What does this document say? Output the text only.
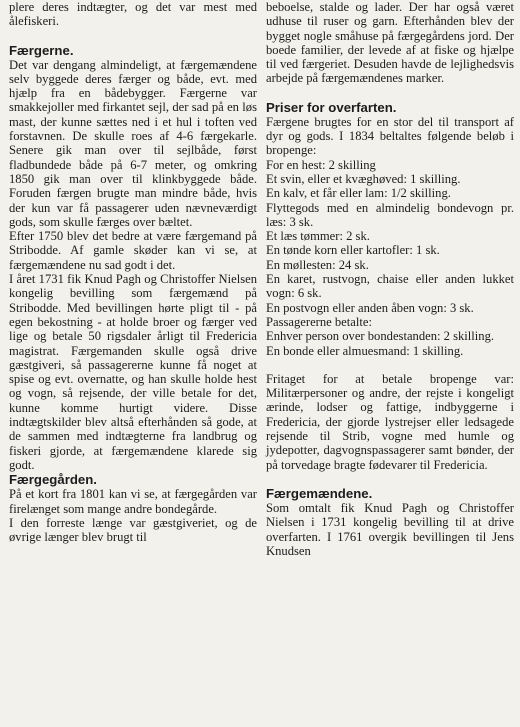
plere deres indtægter, og det var mest med ålefiskeri.

Færgerne.

Det var dengang almindeligt, at færgemændene selv byggede deres færger og både, evt. med hjælp fra en bådebygger. Færgerne var smakkejoller med firkantet sejl, der sad på en løs mast, der kunne sættes ned i et hul i toften ved forstavnen. De skulle roes af 4-6 færgekarle. Senere gik man over til sejlbåde, først fladbundede både på 6-7 meter, og omkring 1850 gik man over til klinkbyggede både. Foruden færgen brugte man mindre både, hvis der kun var få passagerer uden nævneværdigt gods, som skulle færges over bæltet.

Efter 1750 blev det bedre at være færgemand på Stribodde. Af gamle skøder kan vi se, at færgemændene nu sad godt i det.

I året 1731 fik Knud Pagh og Christoffer Nielsen kongelig bevilling som færgemænd på Stribodde. Med bevillingen hørte pligt til - på egen bekostning - at holde broer og færger ved lige og betale 50 rigsdaler årligt til Fredericia magistrat. Færgemanden skulle også drive gæstgiveri, så passagererne kunne få noget at spise og evt. overnatte, og han skulle holde hest og vogn, så rejsende, der ville betale for det, kunne komme hurtigt videre. Disse indtægtskilder blev altså efterhånden så gode, at de sammen med indtægterne fra landbrug og fiskeri gjorde, at færgemændene klarede sig godt.

Færgegården.

På et kort fra 1801 kan vi se, at færgegården var firelænget som mange andre bondegårde.

I den forreste længe var gæstgiveriet, og de øvrige længer blev brugt til

beboelse, stalde og lader. Der har også været udhuse til ruser og garn. Efterhånden blev der bygget nogle småhuse på færgegårdens jord. Der boede familier, der levede af at fiske og hjælpe til ved færgeriet. Desuden havde de lejlighedsvis arbejde på færgemændenes marker.

Priser for overfarten.

Færgene brugtes for en stor del til transport af dyr og gods. I 1834 beltaltes følgende beløb i bropenge:

For en hest: 2 skilling

Et svin, eller et kvæghøved: 1 skilling.

En kalv, et får eller lam: 1/2 skilling.

Flyttegods med en almindelig bondevogn pr. læs: 3 sk.

Et læs tømmer: 2 sk.

En tønde korn eller kartofler: 1 sk.

En møllesten: 24 sk.

En karet, rustvogn, chaise eller anden lukket vogn: 6 sk.

En postvogn eller anden åben vogn: 3 sk.

Passagererne betalte:

Enhver person over bondestanden: 2 skilling.

En bonde eller almuesmand: 1 skilling.

Fritaget for at betale bropenge var: Militærpersoner og andre, der rejste i kongeligt ærinde, lodser og fattige, indbyggerne i Fredericia, der gjorde lystrejser eller ledsagede rejsende til Strib, vogne med humle og jydepotter, dagvognspassagerer samt bønder, der på torvedage bragte fødevarer til Fredericia.

Færgemændene.

Som omtalt fik Knud Pagh og Christoffer Nielsen i 1731 kongelig bevilling til at drive overfarten. I 1761 overgik bevillingen til Jens Knudsen
